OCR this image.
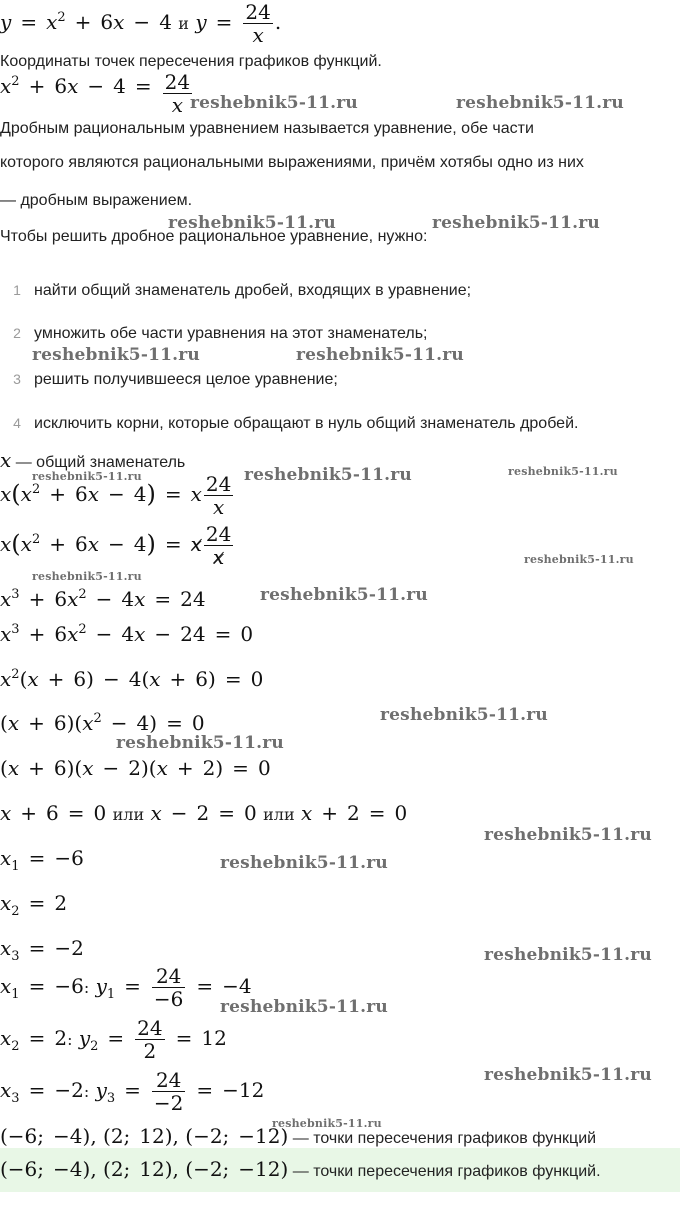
$y = x^2 + 6x - 4$ и $y = \frac{24}{x}$ .
Координаты точек пересечения графиков функций.
$x^2 + 6x - 4 = \frac{24}{x}$
Дробным рациональным уравнением называется уравнение, обе части
которого являются рациональными выражениями, причём хотябы одно из них
— дробным выражением.
Чтобы решить дробное рациональное уравнение, нужно:
1 найти общий знаменатель дробей, входящих в уравнение;
2 умножить обе части уравнения на этот знаменатель;
3 решить получившееся целое уравнение;
4 исключить корни, которые обращают в нуль общий знаменатель дробей.
x — общий знаменатель
$x(x^2 + 6x - 4) = x \frac{24}{x}$
$x(x^2 + 6x - 4) = x \frac{24}{x}$
$x^3 + 6x^2 - 4x = 24$
$x^3 + 6x^2 - 4x - 24 = 0$
$x^2(x + 6) - 4(x + 6) = 0$
$(x + 6)(x^2 - 4) = 0$
(x + 6)(x − 2)(x + 2) = 0
x + 6 = 0 или x − 2 = 0 или x + 2 = 0
$x_1 = -6$
$x_2 = 2$
$x_3 = -2$
$x_1 = -6$: $y_1 = \frac{24}{-6} = -4$
$x_2 = 2$: $y_2 = \frac{24}{2} = 12$
$x_3 = -2$: $y_3 = \frac{24}{-2} = -12$
(−6; −4), (2; 12), (−2; −12) — точки пересечения графиков функций
(−6; −4), (2; 12), (−2; −12) — точки пересечения графиков функций.
reshebnik5-11.ru	reshebnik5-11.ru
reshebnik5-11.ru	reshebnik5-11.ru
reshebnik5-11.ru	reshebnik5-11.ru
reshebnik5-11.ru	reshebnik5-11.ru	reshebnik5-11.ru
reshebnik5-11.ru
reshebnik5-11.ru
reshebnik5-11.ru
reshebnik5-11.ru
reshebnik5-11.ru
reshebnik5-11.ru
reshebnik5-11.ru
reshebnik5-11.ru
reshebnik5-11.ru
reshebnik5-11.ru
reshebnik5-11.ru
